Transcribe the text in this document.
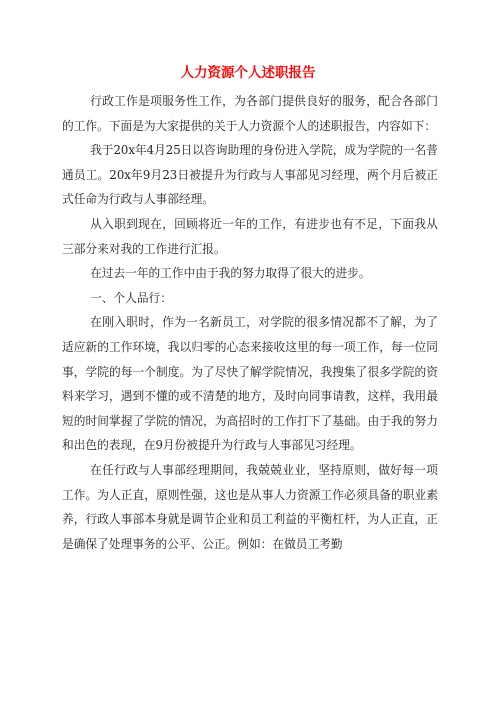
人力资源个人述职报告

行政工作是项服务性工作，为各部门提供良好的服务，配合各部门的工作。下面是为大家提供的关于人力资源个人的述职报告，内容如下：

我于20x年4月25日以咨询助理的身份进入学院，成为学院的一名普通员工。20x年9月23日被提升为行政与人事部见习经理，两个月后被正式任命为行政与人事部经理。

从入职到现在，回顾将近一年的工作，有进步也有不足，下面我从三部分来对我的工作进行汇报。

在过去一年的工作中由于我的努力取得了很大的进步。

一、个人品行：

在刚入职时，作为一名新员工，对学院的很多情况都不了解，为了适应新的工作环境，我以归零的心态来接收这里的每一项工作，每一位同事，学院的每一个制度。为了尽快了解学院情况，我搜集了很多学院的资料来学习，遇到不懂的或不清楚的地方，及时向同事请教，这样，我用最短的时间掌握了学院的情况，为高招时的工作打下了基础。由于我的努力和出色的表现，在9月份被提升为行政与人事部见习经理。

在任行政与人事部经理期间，我兢兢业业，坚持原则，做好每一项工作。为人正直，原则性强，这也是从事人力资源工作必须具备的职业素养，行政人事部本身就是调节企业和员工利益的平衡杠杆，为人正直，正是确保了处理事务的公平、公正。例如：在做员工考勤
